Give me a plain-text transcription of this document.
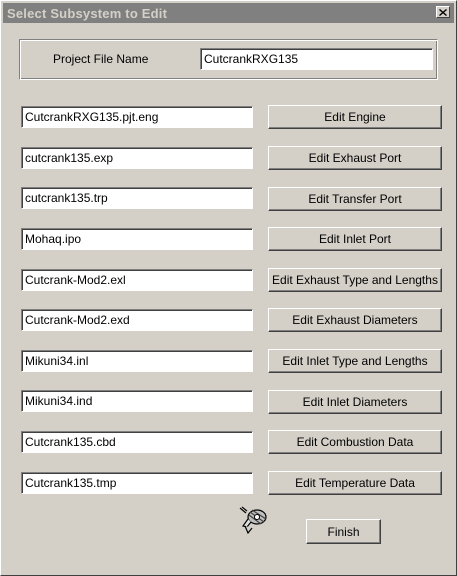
Select Subsystem to Edit
Project File Name	CutcrankRXG135
CutcrankRXG135.pjt.eng	Edit Engine
cutcrank135.exp	Edit Exhaust Port
cutcrank135.trp	Edit Transfer Port
Mohaq.ipo	Edit Inlet Port
Cutcrank-Mod2.exl	Edit Exhaust Type and Lengths
Cutcrank-Mod2.exd	Edit Exhaust Diameters
Mikuni34.inl	Edit Inlet Type and Lengths
Mikuni34.ind	Edit Inlet Diameters
Cutcrank135.cbd	Edit Combustion Data
Cutcrank135.tmp	Edit Temperature Data
Finish
